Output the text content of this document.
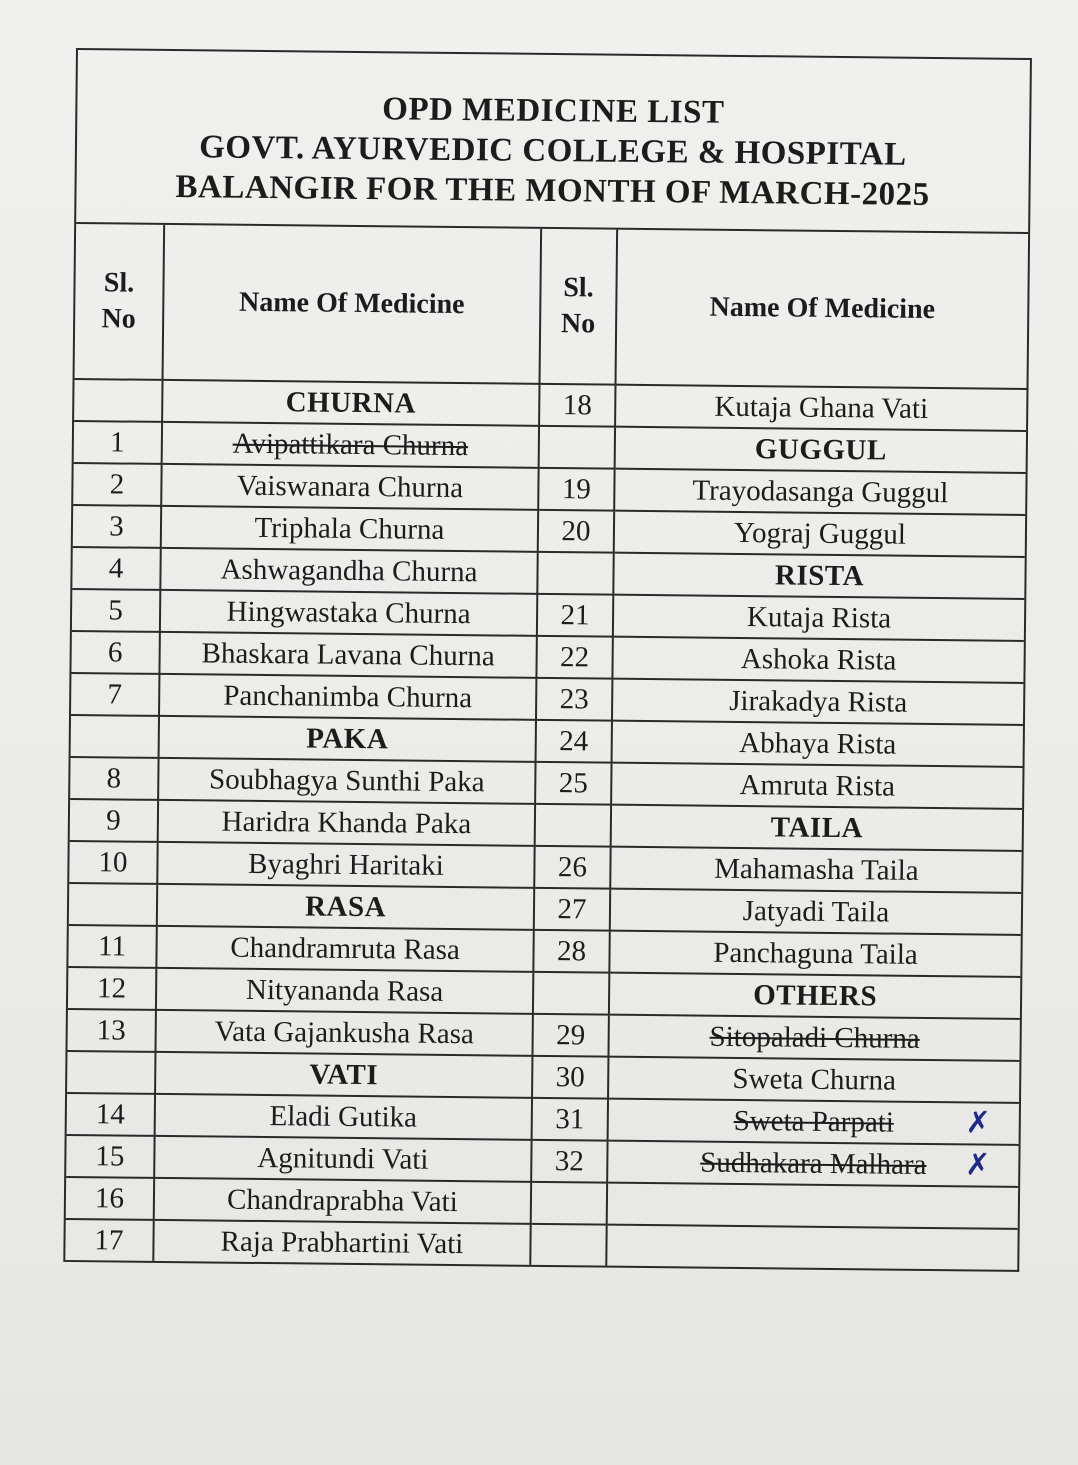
OPD MEDICINE LIST
GOVT. AYURVEDIC COLLEGE & HOSPITAL
BALANGIR FOR THE MONTH OF MARCH-2025
Sl.
No	Name Of Medicine	Sl.
No	Name Of Medicine
	CHURNA	18	Kutaja Ghana Vati
1	Avipattikara Churna		GUGGUL
2	Vaiswanara Churna	19	Trayodasanga Guggul
3	Triphala Churna	20	Yograj Guggul
4	Ashwagandha Churna		RISTA
5	Hingwastaka Churna	21	Kutaja Rista
6	Bhaskara Lavana Churna	22	Ashoka Rista
7	Panchanimba Churna	23	Jirakadya Rista
	PAKA	24	Abhaya Rista
8	Soubhagya Sunthi Paka	25	Amruta Rista
9	Haridra Khanda Paka		TAILA
10	Byaghri Haritaki	26	Mahamasha Taila
	RASA	27	Jatyadi Taila
11	Chandramruta Rasa	28	Panchaguna Taila
12	Nityananda Rasa		OTHERS
13	Vata Gajankusha Rasa	29	Sitopaladi Churna
	VATI	30	Sweta Churna
14	Eladi Gutika	31	Sweta Parpati ✗

15	Agnitundi Vati	32	Sudhakara Malhara ✗

16	Chandraprabha Vati		
17	Raja Prabhartini Vati		
